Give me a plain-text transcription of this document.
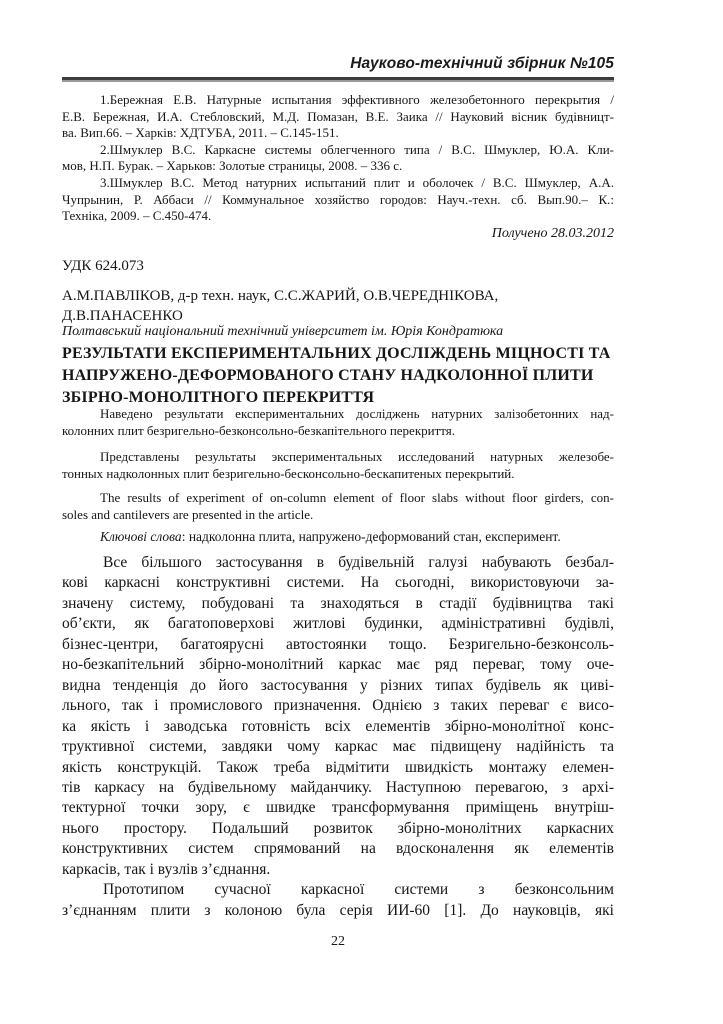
Науково-технічний збірник №105
1.Бережная Е.В. Натурные испытания эффективного железобетонного перекрытия /
Е.В. Бережная, И.А. Стебловский, М.Д. Помазан, В.Е. Заика // Науковий вісник будівницт-
ва. Вип.66. – Харків: ХДТУБА, 2011. – С.145-151.
2.Шмуклер В.С. Каркасне системы облегченного типа / В.С. Шмуклер, Ю.А. Кли-
мов, Н.П. Бурак. – Харьков: Золотые страницы, 2008. – 336 с.
3.Шмуклер В.С. Метод натурних испытаний плит и оболочек / В.С. Шмуклер, А.А.
Чупрынин, Р. Аббаси // Коммунальное хозяйство городов: Науч.-техн. сб. Вып.90.– К.:
Техніка, 2009. – С.450-474.
Получено 28.03.2012
УДК 624.073
А.М.ПАВЛІКОВ, д-р техн. наук, С.С.ЖАРИЙ, О.В.ЧЕРЕДНІКОВА,
Д.В.ПАНАСЕНКО
Полтавський національний технічний університет ім. Юрія Кондратюка
РЕЗУЛЬТАТИ ЕКСПЕРИМЕНТАЛЬНИХ ДОСЛІЖДЕНЬ МІЦНОСТІ ТА
НАПРУЖЕНО-ДЕФОРМОВАНОГО СТАНУ НАДКОЛОННОЇ ПЛИТИ
ЗБІРНО-МОНОЛІТНОГО ПЕРЕКРИТТЯ
Наведено результати експериментальних досліджень натурних залізобетонних над-
колонних плит безригельно-безконсольно-безкапітельного перекриття.
Представлены результаты экспериментальных исследований натурных железобе-
тонных надколонных плит безригельно-бесконсольно-бескапитеных перекрытий.
The results of experiment of on-column element of floor slabs without floor girders, con-
soles and cantilevers are presented in the article.
Ключові слова: надколонна плита, напружено-деформований стан, експеримент.
Все більшого застосування в будівельній галузі набувають безбал-
кові каркасні конструктивні системи. На сьогодні, використовуючи за-
значену систему, побудовані та знаходяться в стадії будівництва такі
об’єкти, як багатоповерхові житлові будинки, адміністративні будівлі,
бізнес-центри, багатоярусні автостоянки тощо. Безригельно-безконсоль-
но-безкапітельний збірно-монолітний каркас має ряд переваг, тому оче-
видна тенденція до його застосування у різних типах будівель як циві-
льного, так і промислового призначення. Однією з таких переваг є висо-
ка якість і заводська готовність всіх елементів збірно-монолітної конс-
труктивної системи, завдяки чому каркас має підвищену надійність та
якість конструкцій. Також треба відмітити швидкість монтажу елемен-
тів каркасу на будівельному майданчику. Наступною перевагою, з архі-
тектурної точки зору, є швидке трансформування приміщень внутріш-
нього простору. Подальший розвиток збірно-монолітних каркасних
конструктивних систем спрямований на вдосконалення як елементів
каркасів, так і вузлів з’єднання.
Прототипом сучасної каркасної системи з безконсольним
з’єднанням плити з колоною була серія ИИ-60 [1]. До науковців, які
22
